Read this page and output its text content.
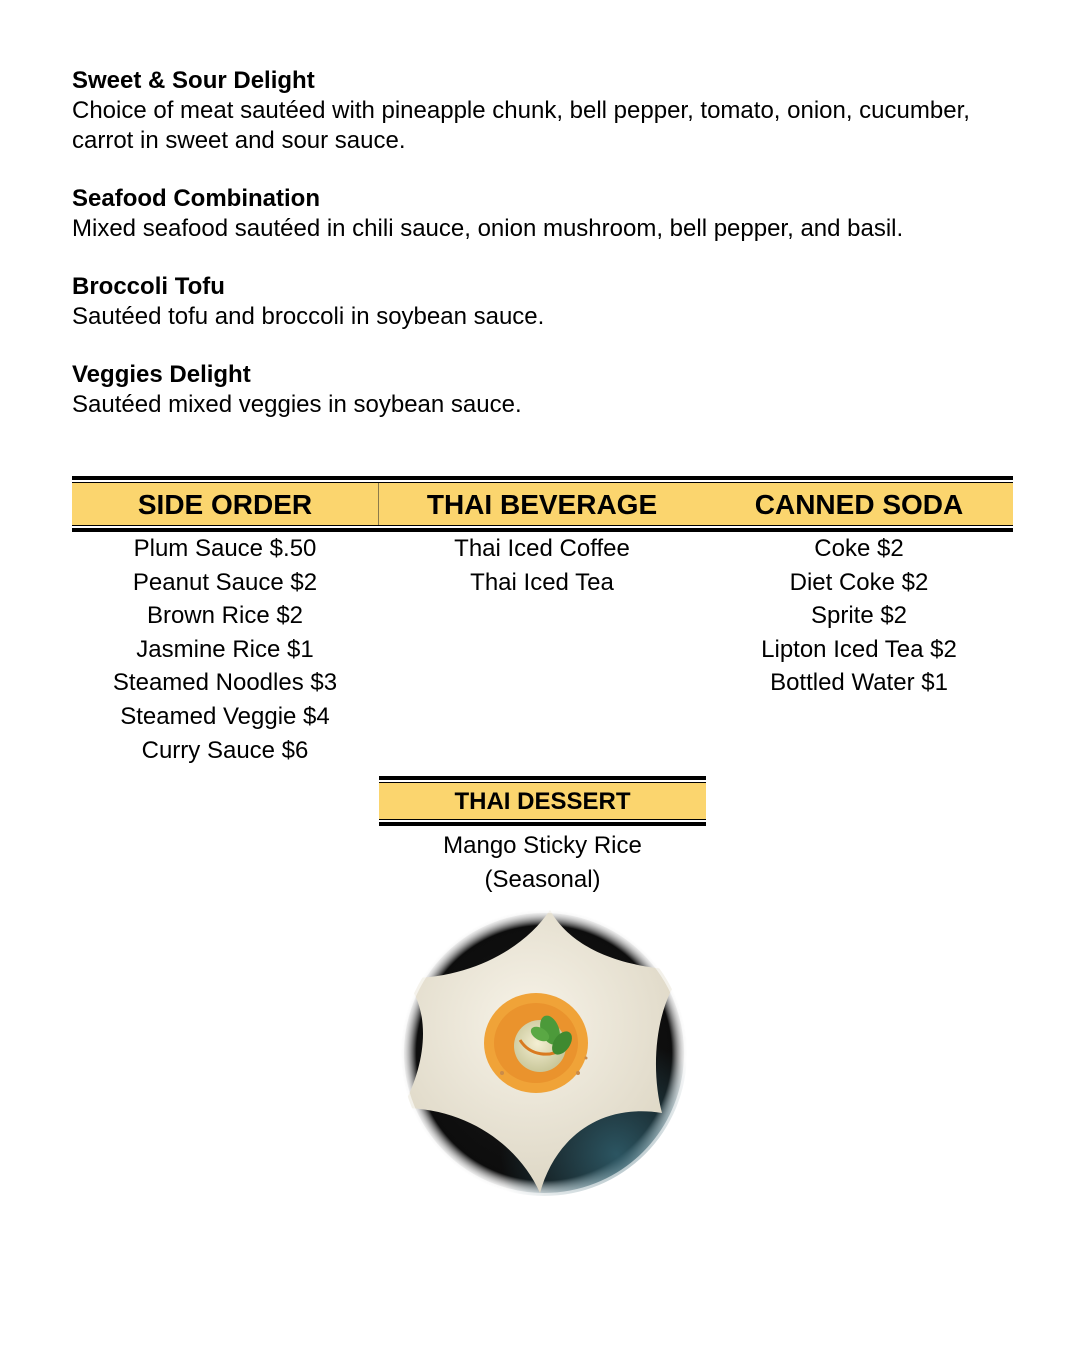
Sweet & Sour Delight
Choice of meat sautéed with pineapple chunk, bell pepper, tomato, onion, cucumber, carrot in sweet and sour sauce.
Seafood Combination
Mixed seafood sautéed in chili sauce, onion mushroom, bell pepper, and basil.
Broccoli Tofu
Sautéed tofu and broccoli in soybean sauce.
Veggies Delight
Sautéed mixed veggies in soybean sauce.
SIDE ORDER	THAI BEVERAGE	CANNED SODA
Plum Sauce $.50
Peanut Sauce $2
Brown Rice $2
Jasmine Rice $1
Steamed Noodles $3
Steamed Veggie $4
Curry Sauce $6
Thai Iced Coffee
Thai Iced Tea
Coke $2
Diet Coke $2
Sprite $2
Lipton Iced Tea $2
Bottled Water $1
THAI DESSERT
Mango Sticky Rice
(Seasonal)
